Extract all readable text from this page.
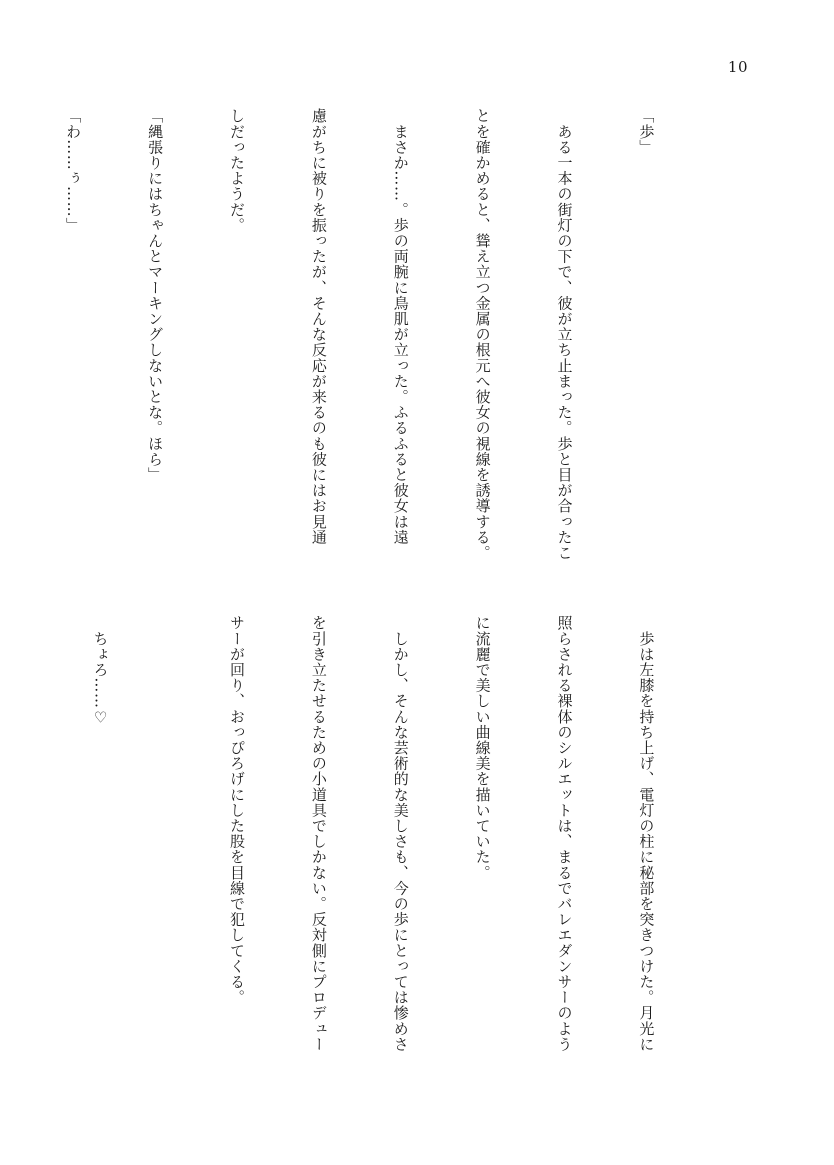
10

「歩」

　ある一本の街灯の下で、彼が立ち止まった。歩と目が合ったこ

とを確かめると、聳え立つ金属の根元へ彼女の視線を誘導する。

　まさか……。歩の両腕に鳥肌が立った。ふるふると彼女は遠

慮がちに被りを振ったが、そんな反応が来るのも彼にはお見通

しだったようだ。

「縄張りにはちゃんとマーキングしないとな。ほら」

「わ……ぅ……」

　歩は左膝を持ち上げ、電灯の柱に秘部を突きつけた。月光に

照らされる裸体のシルエットは、まるでバレエダンサーのよう

に流麗で美しい曲線美を描いていた。

　しかし、そんな芸術的な美しさも、今の歩にとっては惨めさ

を引き立たせるための小道具でしかない。反対側にプロデュー

サーが回り、おっぴろげにした股を目線で犯してくる。

　ちょろ……♡
